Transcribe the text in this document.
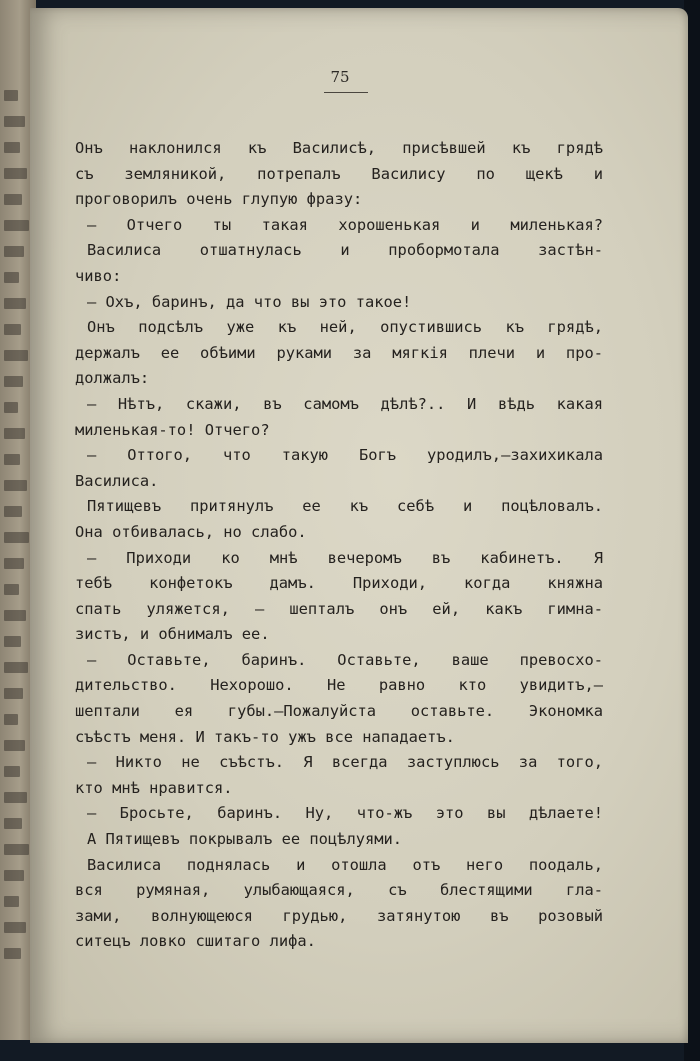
75
Онъ наклонился къ Василисѣ, присѣвшей къ грядѣ
съ земляникой, потрепалъ Василису по щекѣ и
проговорилъ очень глупую фразу:
— Отчего ты такая хорошенькая и миленькая?
Василиса отшатнулась и пробормотала застѣн-
чиво:
— Охъ, баринъ, да что вы это такое!
Онъ подсѣлъ уже къ ней, опустившись къ грядѣ,
держалъ ее обѣими руками за мягкія плечи и про-
должалъ:
— Нѣтъ, скажи, въ самомъ дѣлѣ?.. И вѣдь какая
миленькая-то! Отчего?
— Оттого, что такую Богъ уродилъ,—захихикала
Василиса.
Пятищевъ притянулъ ее къ себѣ и поцѣловалъ.
Она отбивалась, но слабо.
— Приходи ко мнѣ вечеромъ въ кабинетъ. Я
тебѣ конфетокъ дамъ. Приходи, когда княжна
спать уляжется, — шепталъ онъ ей, какъ гимна-
зистъ, и обнималъ ее.
— Оставьте, баринъ. Оставьте, ваше превосхо-
дительство. Нехорошо. Не равно кто увидитъ,—
шептали ея губы.—Пожалуйста оставьте. Экономка
съѣстъ меня. И такъ-то ужъ все нападаетъ.
— Никто не съѣстъ. Я всегда заступлюсь за того,
кто мнѣ нравится.
— Бросьте, баринъ. Ну, что-жъ это вы дѣлаете!
А Пятищевъ покрывалъ ее поцѣлуями.
Василиса поднялась и отошла отъ него поодаль,
вся румяная, улыбающаяся, съ блестящими гла-
зами, волнующеюся грудью, затянутою въ розовый
ситецъ ловко сшитаго лифа.
